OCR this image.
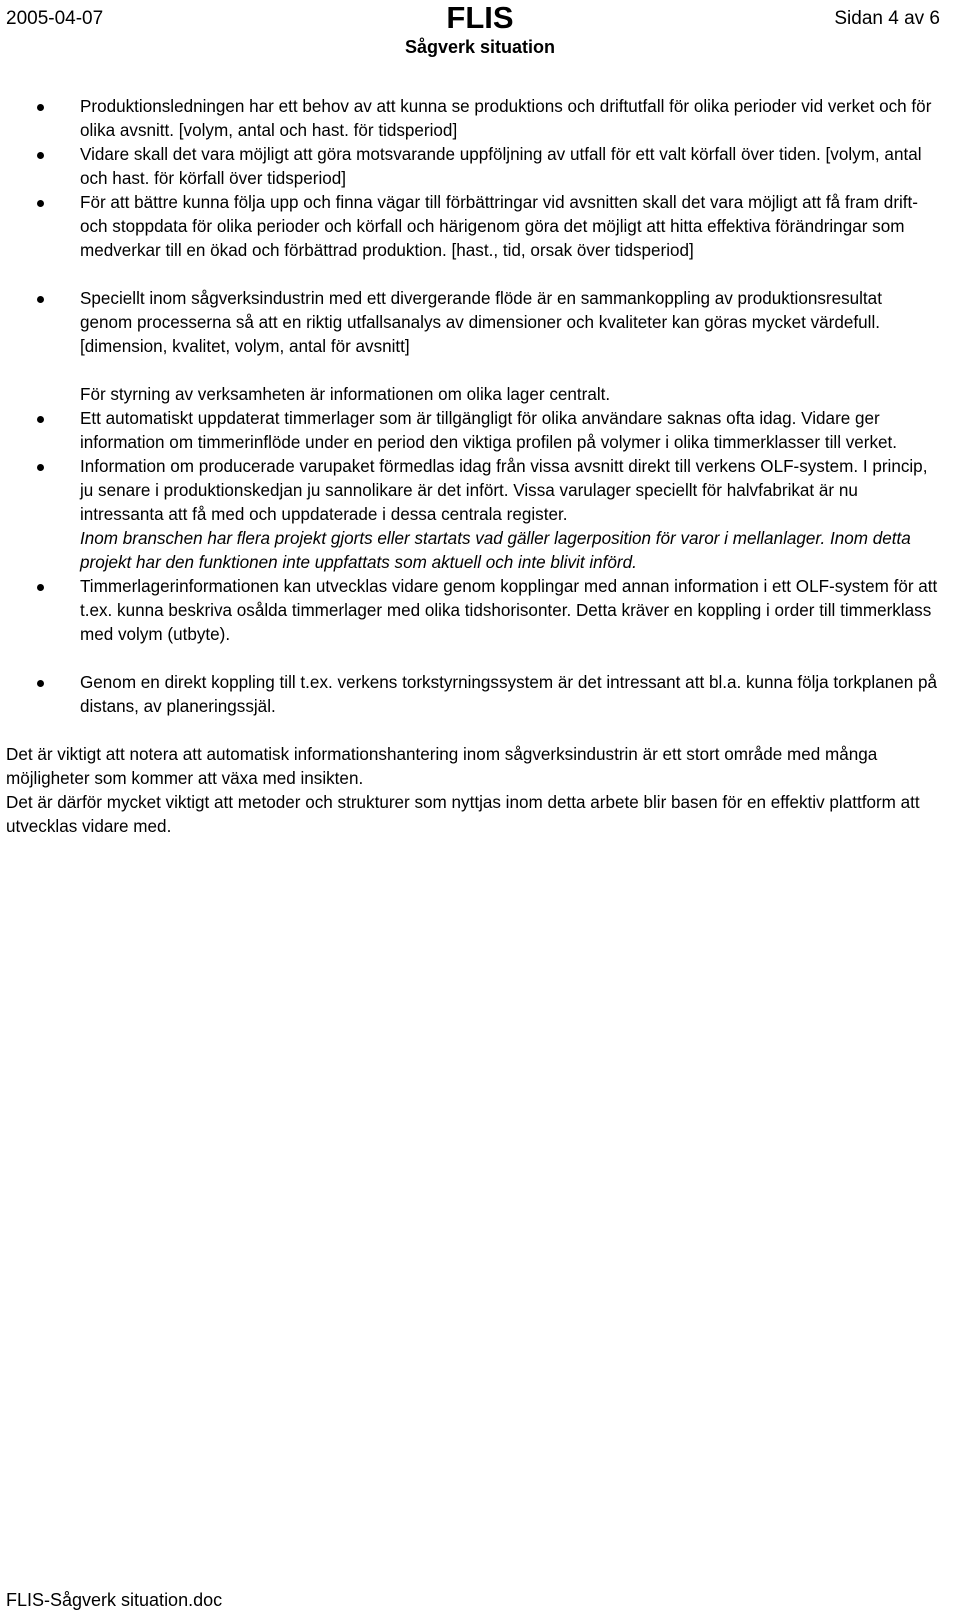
2005-04-07	FLIS
Sågverk situation
Sidan 4 av 6
Produktionsledningen har ett behov av att kunna se produktions och driftutfall för olika perioder vid verket och för olika avsnitt. [volym, antal och hast. för tidsperiod]
Vidare skall det vara möjligt att göra motsvarande uppföljning av utfall för ett valt körfall över tiden. [volym, antal och hast. för körfall över tidsperiod]
För att bättre kunna följa upp och finna vägar till förbättringar vid avsnitten skall det vara möjligt att få fram drift- och stoppdata för olika perioder och körfall och härigenom göra det möjligt att hitta effektiva förändringar som medverkar till en ökad och förbättrad produktion. [hast., tid, orsak över tidsperiod]
Speciellt inom sågverksindustrin med ett divergerande flöde är en sammankoppling av produktionsresultat genom processerna så att en riktig utfallsanalys av dimensioner och kvaliteter kan göras mycket värdefull. [dimension, kvalitet, volym, antal för avsnitt]
För styrning av verksamheten är informationen om olika lager centralt.
Ett automatiskt uppdaterat timmerlager som är tillgängligt för olika användare saknas ofta idag. Vidare ger information om timmerinflöde under en period den viktiga profilen på volymer i olika timmerklasser till verket.
Information om producerade varupaket förmedlas idag från vissa avsnitt direkt till verkens OLF-system. I princip, ju senare i produktionskedjan ju sannolikare är det infört. Vissa varulager speciellt för halvfabrikat är nu intressanta att få med och uppdaterade i dessa centrala register.
Inom branschen har flera projekt gjorts eller startats vad gäller lagerposition för varor i mellanlager. Inom detta projekt har den funktionen inte uppfattats som aktuell och inte blivit införd.
Timmerlagerinformationen kan utvecklas vidare genom kopplingar med annan information i ett OLF-system för att t.ex. kunna beskriva osålda timmerlager med olika tidshorisonter. Detta kräver en koppling i order till timmerklass med volym (utbyte).
Genom en direkt koppling till t.ex. verkens torkstyrningssystem är det intressant att bl.a. kunna följa torkplanen på distans, av planeringssjäl.
Det är viktigt att notera att automatisk informationshantering inom sågverksindustrin är ett stort område med många möjligheter som kommer att växa med insikten.
Det är därför mycket viktigt att metoder och strukturer som nyttjas inom detta arbete blir basen för en effektiv plattform att utvecklas vidare med.
FLIS-Sågverk situation.doc
